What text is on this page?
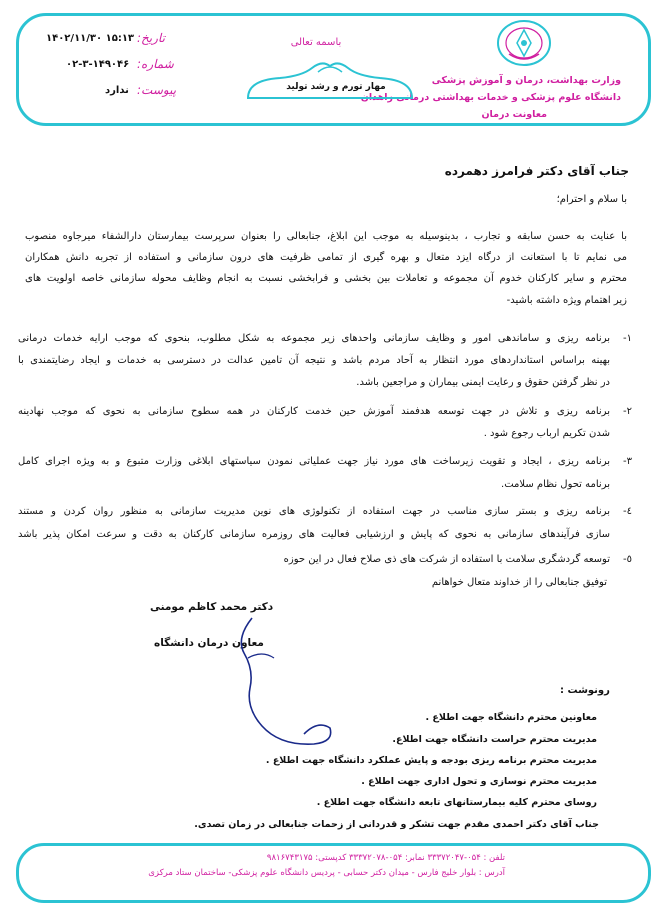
وزارت بهداشت، درمان و آموزش پزشکی
دانشگاه علوم پزشکی و خدمات بهداشتی درمانی زاهدان
معاونت درمان
باسمه تعالی
مهار تورم و رشد تولید
تاریخ:
۱۵:۱۳ ۱۴۰۲/۱۱/۳۰
شماره:
۰۲-۳-۱۴۹۰۴۶
پیوست:
ندارد
جناب آقای دکتر فرامرز دهمرده
با سلام و احترام؛
با عنایت به حسن سابقه و تجارب ، بدینوسیله به موجب این ابلاغ، جنابعالی را بعنوان سرپرست بیمارستان دارالشفاء میرجاوه منصوب
می نمایم تا با استعانت از درگاه ایزد متعال و بهره گیری از تمامی ظرفیت های درون سازمانی و استفاده از تجربه دانش همکاران
محترم و سایر کارکنان خدوم آن مجموعه و تعاملات بین بخشی و فرابخشی نسبت به انجام وظایف محوله سازمانی خاصه اولویت های
زیر اهتمام ویژه داشته باشید-
۱-
برنامه ریزی و ساماندهی امور و وظایف سازمانی واحدهای زیر مجموعه به شکل مطلوب، بنحوی که موجب ارایه خدمات درمانی
بهینه براساس استانداردهای مورد انتظار به آحاد مردم باشد و نتیجه آن تامین عدالت در دسترسی به خدمات و ایجاد رضایتمندی با
در نظر گرفتن حقوق و رعایت ایمنی بیماران و مراجعین باشد.
۲-
برنامه ریزی و تلاش در جهت توسعه هدفمند آموزش حین خدمت کارکنان در همه سطوح سازمانی به نحوی که موجب نهادینه
شدن تکریم ارباب رجوع شود .
۳-
برنامه ریزی ، ایجاد و تقویت زیرساخت های مورد نیاز جهت عملیاتی نمودن سیاستهای ابلاغی وزارت متبوع و به ویژه اجرای کامل
برنامه تحول نظام سلامت.
٤-
برنامه ریزی و بستر سازی مناسب در جهت استفاده از تکنولوژی های نوین مدیریت سازمانی به منظور روان کردن و مستند
سازی فرآیندهای سازمانی به نحوی که پایش و ارزشیابی فعالیت های روزمره سازمانی کارکنان به دقت و سرعت امکان پذیر باشد
٥-
توسعه گردشگری سلامت با استفاده از شرکت های ذی صلاح فعال در این حوزه
توفیق جنابعالی را از خداوند متعال خواهانم
دکتر محمد کاظم مومنی
معاون درمان دانشگاه
رونوشت :
معاونین محترم دانشگاه جهت اطلاع .
مدیریت محترم حراست دانشگاه جهت اطلاع.
مدیریت محترم برنامه ریزی بودجه و پایش عملکرد دانشگاه جهت اطلاع .
مدیریت محترم نوسازی و تحول اداری جهت اطلاع .
روسای محترم کلیه بیمارستانهای تابعه دانشگاه جهت اطلاع .
جناب آقای دکتر احمدی مقدم جهت تشکر و قدردانی از زحمات جنابعالی در زمان تصدی.
تلفن : ۰۵۴-۳۳۳۷۲۰۴۷ نمابر: ۰۵۴-۳۳۳۷۲۰۷۸ کدپستی: ۹۸۱۶۷۴۳۱۷۵
آدرس : بلوار خلیج فارس - میدان دکتر حسابی - پردیس دانشگاه علوم پزشکی- ساختمان ستاد مرکزی
